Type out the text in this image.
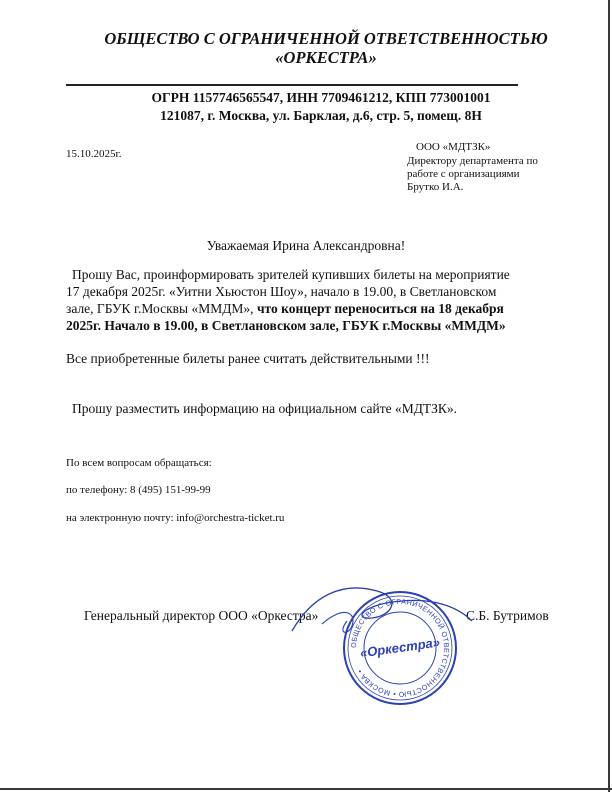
ОБЩЕСТВО С ОГРАНИЧЕННОЙ ОТВЕТСТВЕННОСТЬЮ
«ОРКЕСТРА»
ОГРН 1157746565547, ИНН 7709461212, КПП 773001001
121087, г. Москва, ул. Барклая, д.6, стр. 5, помещ. 8Н
15.10.2025г.
ООО «МДТЗК»
Директору департамента по
работе с организациями
Брутко И.А.
Уважаемая Ирина Александровна!
Прошу Вас, проинформировать зрителей купивших билеты на мероприятие
17 декабря 2025г. «Уитни Хьюстон Шоу», начало в 19.00, в Светлановском
зале, ГБУК г.Москвы «ММДМ», что концерт переноситься на 18 декабря
2025г. Начало в 19.00, в Светлановском зале, ГБУК г.Москвы «ММДМ»
Все приобретенные билеты ранее считать действительными !!!
Прошу разместить информацию на официальном сайте «МДТЗК».
По всем вопросам обращаться:
по телефону: 8 (495) 151-99-99
на электронную почту: info@orchestra-ticket.ru
Генеральный директор ООО «Оркестра»	С.Б. Бутримов
ОБЩЕСТВО С ОГРАНИЧЕННОЙ ОТВЕТСТВЕННОСТЬЮ • МОСКВА •
«Оркестра»
